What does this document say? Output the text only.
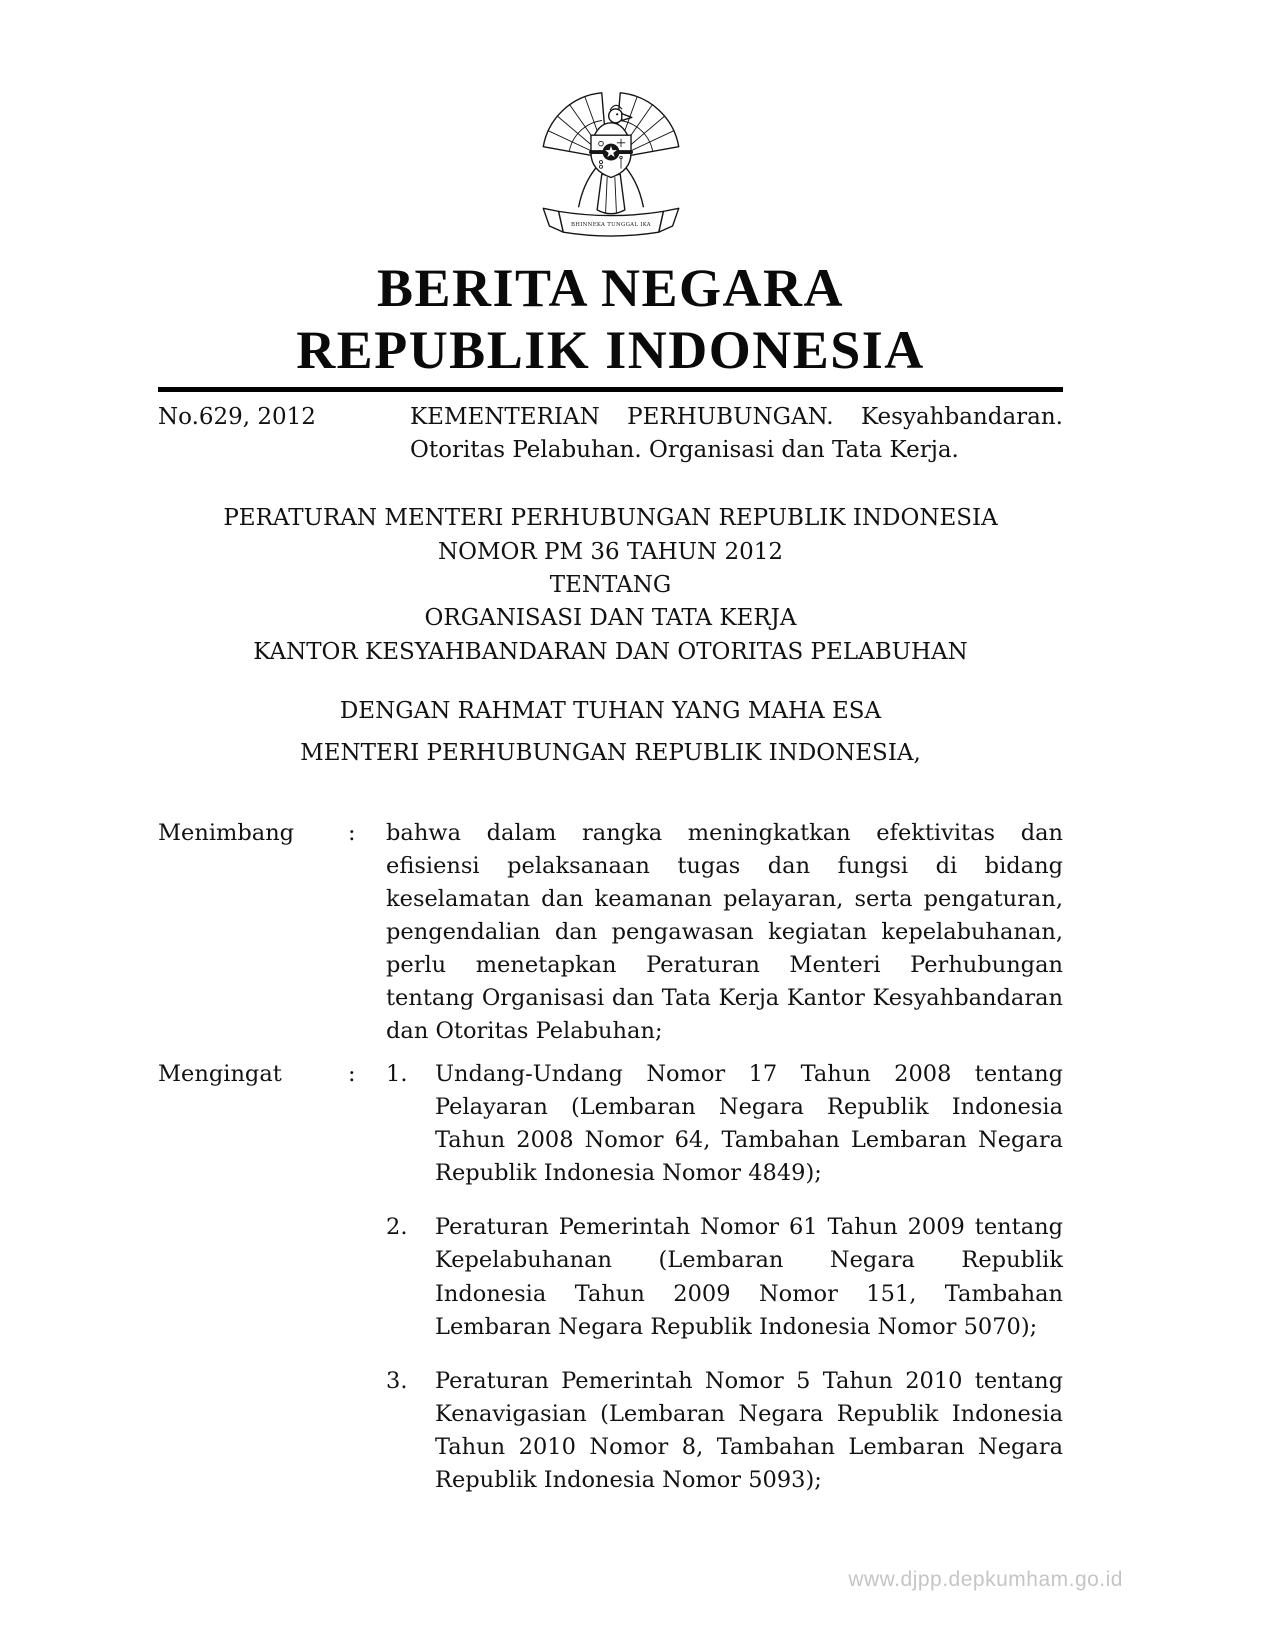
BHINNEKA TUNGGAL IKA
BERITA NEGARA
REPUBLIK INDONESIA
No.629, 2012	KEMENTERIAN PERHUBUNGAN. Kesyahbandaran. Otoritas Pelabuhan. Organisasi dan Tata Kerja.
PERATURAN MENTERI PERHUBUNGAN REPUBLIK INDONESIA
NOMOR PM 36 TAHUN 2012
TENTANG
ORGANISASI DAN TATA KERJA
KANTOR KESYAHBANDARAN DAN OTORITAS PELABUHAN
DENGAN RAHMAT TUHAN YANG MAHA ESA
MENTERI PERHUBUNGAN REPUBLIK INDONESIA,
Menimbang	:	bahwa dalam rangka meningkatkan efektivitas dan efisiensi pelaksanaan tugas dan fungsi di bidang keselamatan dan keamanan pelayaran, serta pengaturan, pengendalian dan pengawasan kegiatan kepelabuhanan, perlu menetapkan Peraturan Menteri Perhubungan tentang Organisasi dan Tata Kerja Kantor Kesyahbandaran dan Otoritas Pelabuhan;
Mengingat	:	1.	Undang-Undang Nomor 17 Tahun 2008 tentang Pelayaran (Lembaran Negara Republik Indonesia Tahun 2008 Nomor 64, Tambahan Lembaran Negara Republik Indonesia Nomor 4849);
2.	Peraturan Pemerintah Nomor 61 Tahun 2009 tentang Kepelabuhanan (Lembaran Negara Republik Indonesia Tahun 2009 Nomor 151, Tambahan Lembaran Negara Republik Indonesia Nomor 5070);
3.	Peraturan Pemerintah Nomor 5 Tahun 2010 tentang Kenavigasian (Lembaran Negara Republik Indonesia Tahun 2010 Nomor 8, Tambahan Lembaran Negara Republik Indonesia Nomor 5093);
www.djpp.depkumham.go.id
